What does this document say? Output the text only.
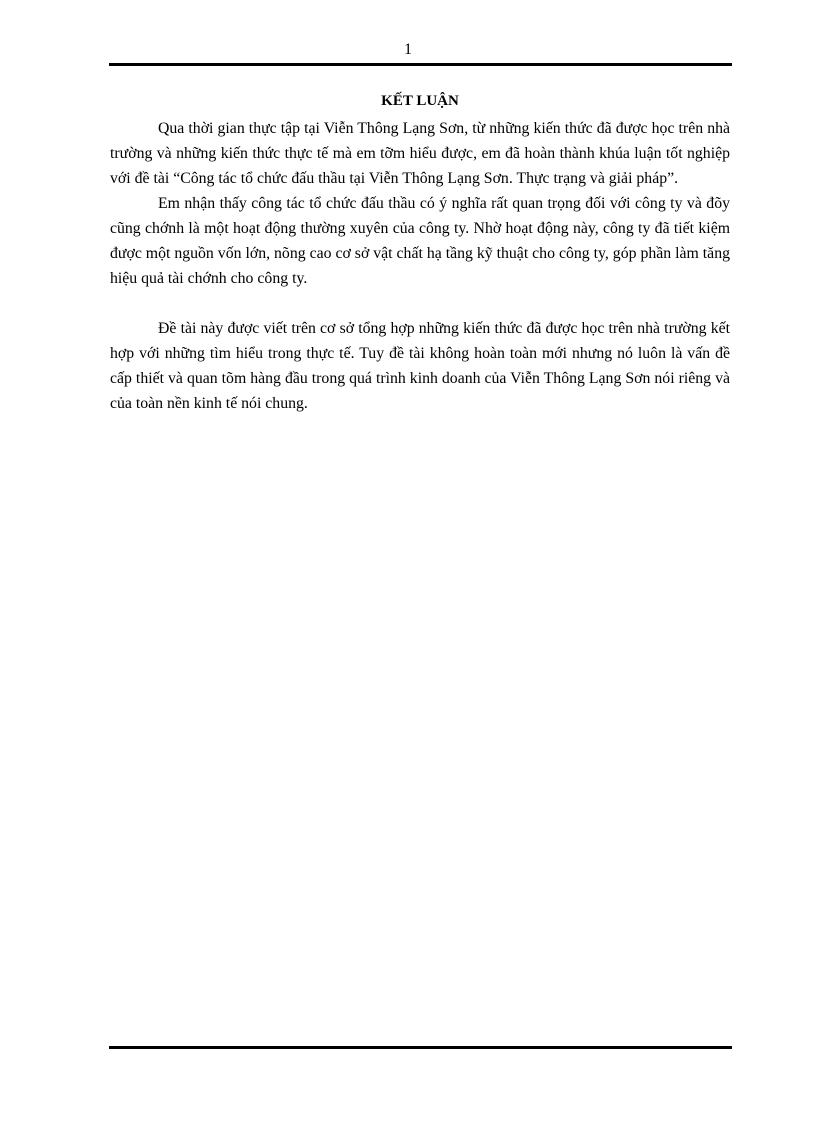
1
KẾT LUẬN

Qua thời gian thực tập tại Viễn Thông Lạng Sơn, từ những kiến thức đã được học trên nhà trường và những kiến thức thực tế mà em tỡm hiểu được, em đã hoàn thành khúa luận tốt nghiệp với đề tài “Công tác tổ chức đấu thầu tại Viễn Thông Lạng Sơn. Thực trạng và giải pháp”.

Em nhận thấy công tác tổ chức đấu thầu có ý nghĩa rất quan trọng đối với công ty và đõy cũng chớnh là một hoạt động thường xuyên của công ty. Nhờ hoạt động này, công ty đã tiết kiệm được một nguồn vốn lớn, nõng cao cơ sở vật chất hạ tầng kỹ thuật cho công ty, góp phần làm tăng hiệu quả tài chớnh cho công ty.

Đề tài này được viết trên cơ sở tổng hợp những kiến thức đã được học trên nhà trường kết hợp với những tìm hiểu trong thực tế. Tuy đề tài không hoàn toàn mới nhưng nó luôn là vấn đề cấp thiết và quan tõm hàng đầu trong quá trình kinh doanh của Viễn Thông Lạng Sơn nói riêng và của toàn nền kinh tế nói chung.
